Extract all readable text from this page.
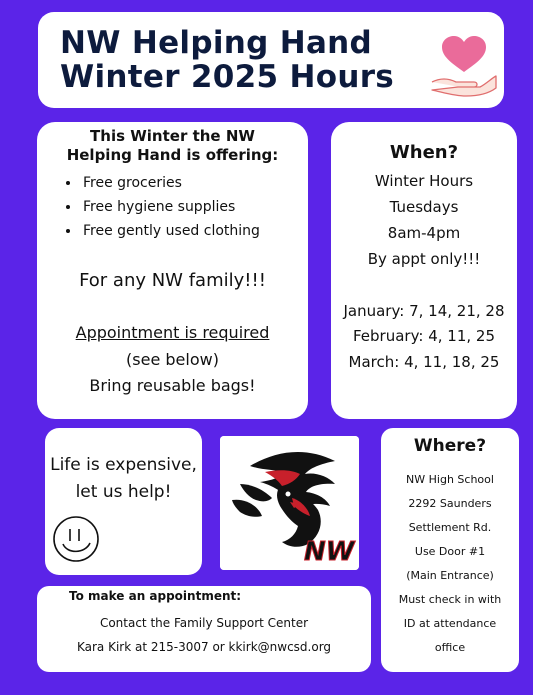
NW Helping Hand
Winter 2025 Hours
This Winter the NW
Helping Hand is offering:
• Free groceries
• Free hygiene supplies
• Free gently used clothing
For any NW family!!!
Appointment is required
(see below)
Bring reusable bags!
When?
Winter Hours
Tuesdays
8am-4pm
By appt only!!!
January: 7, 14, 21, 28
February: 4, 11, 25
March: 4, 11, 18, 25
Life is expensive,
let us help!
NW
Where?
NW High School
2292 Saunders
Settlement Rd.
Use Door #1
(Main Entrance)
Must check in with
ID at attendance
office
To make an appointment:
Contact the Family Support Center
Kara Kirk at 215-3007 or kkirk@nwcsd.org
